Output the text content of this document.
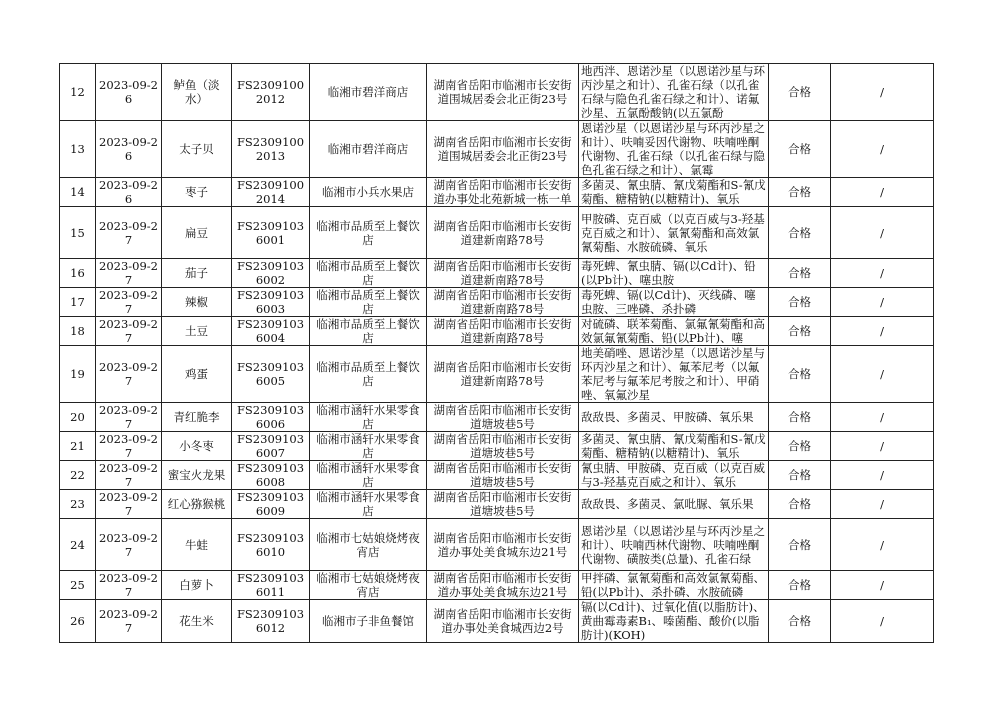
12	2023-09-26	鲈鱼（淡水）	FS23091002012	临湘市碧洋商店	湖南省岳阳市临湘市长安街道围城居委会北正街23号	地西泮、恩诺沙星（以恩诺沙星与环丙沙星之和计）、孔雀石绿（以孔雀石绿与隐色孔雀石绿之和计）、诺氟沙星、五氯酚酸钠(以五氯酚	合格	/
13	2023-09-26	太子贝	FS23091002013	临湘市碧洋商店	湖南省岳阳市临湘市长安街道围城居委会北正街23号	恩诺沙星（以恩诺沙星与环丙沙星之和计）、呋喃妥因代谢物、呋喃唑酮代谢物、孔雀石绿（以孔雀石绿与隐色孔雀石绿之和计）、氯霉	合格	/
14	2023-09-26	枣子	FS23091002014	临湘市小兵水果店	湖南省岳阳市临湘市长安街道办事处北苑新城一栋一单	多菌灵、氰虫腈、氰戊菊酯和S-氰戊菊酯、糖精钠(以糖精计)、氧乐	合格	/
15	2023-09-27	扁豆	FS23091036001	临湘市品质至上餐饮店	湖南省岳阳市临湘市长安街道建新南路78号	甲胺磷、克百威（以克百威与3-羟基克百威之和计）、氯氰菊酯和高效氯氰菊酯、水胺硫磷、氧乐	合格	/
16	2023-09-27	茄子	FS23091036002	临湘市品质至上餐饮店	湖南省岳阳市临湘市长安街道建新南路78号	毒死蜱、氰虫腈、镉(以Cd计)、铅(以Pb计)、噻虫胺	合格	/
17	2023-09-27	辣椒	FS23091036003	临湘市品质至上餐饮店	湖南省岳阳市临湘市长安街道建新南路78号	毒死蜱、镉(以Cd计)、灭线磷、噻虫胺、三唑磷、杀扑磷	合格	/
18	2023-09-27	土豆	FS23091036004	临湘市品质至上餐饮店	湖南省岳阳市临湘市长安街道建新南路78号	对硫磷、联苯菊酯、氯氟氰菊酯和高效氯氟氰菊酯、铅(以Pb计)、噻	合格	/
19	2023-09-27	鸡蛋	FS23091036005	临湘市品质至上餐饮店	湖南省岳阳市临湘市长安街道建新南路78号	地美硝唑、恩诺沙星（以恩诺沙星与环丙沙星之和计）、氟苯尼考（以氟苯尼考与氟苯尼考胺之和计）、甲硝唑、氧氟沙星	合格	/
20	2023-09-27	青红脆李	FS23091036006	临湘市涵轩水果零食店	湖南省岳阳市临湘市长安街道塘坡巷5号	敌敌畏、多菌灵、甲胺磷、氧乐果	合格	/
21	2023-09-27	小冬枣	FS23091036007	临湘市涵轩水果零食店	湖南省岳阳市临湘市长安街道塘坡巷5号	多菌灵、氰虫腈、氰戊菊酯和S-氰戊菊酯、糖精钠(以糖精计)、氧乐	合格	/
22	2023-09-27	蜜宝火龙果	FS23091036008	临湘市涵轩水果零食店	湖南省岳阳市临湘市长安街道塘坡巷5号	氰虫腈、甲胺磷、克百威（以克百威与3-羟基克百威之和计）、氧乐	合格	/
23	2023-09-27	红心猕猴桃	FS23091036009	临湘市涵轩水果零食店	湖南省岳阳市临湘市长安街道塘坡巷5号	敌敌畏、多菌灵、氯吡脲、氧乐果	合格	/
24	2023-09-27	牛蛙	FS23091036010	临湘市七姑娘烧烤夜宵店	湖南省岳阳市临湘市长安街道办事处美食城东边21号	恩诺沙星（以恩诺沙星与环丙沙星之和计）、呋喃西林代谢物、呋喃唑酮代谢物、磺胺类(总量)、孔雀石绿	合格	/
25	2023-09-27	白萝卜	FS23091036011	临湘市七姑娘烧烤夜宵店	湖南省岳阳市临湘市长安街道办事处美食城东边21号	甲拌磷、氯氰菊酯和高效氯氰菊酯、铅(以Pb计)、杀扑磷、水胺硫磷	合格	/
26	2023-09-27	花生米	FS23091036012	临湘市子非鱼餐馆	湖南省岳阳市临湘市长安街道办事处美食城西边2号	镉(以Cd计)、过氧化值(以脂肪计)、黄曲霉毒素B₁、嗪菌酯、酸价(以脂肪计)(KOH)	合格	/
